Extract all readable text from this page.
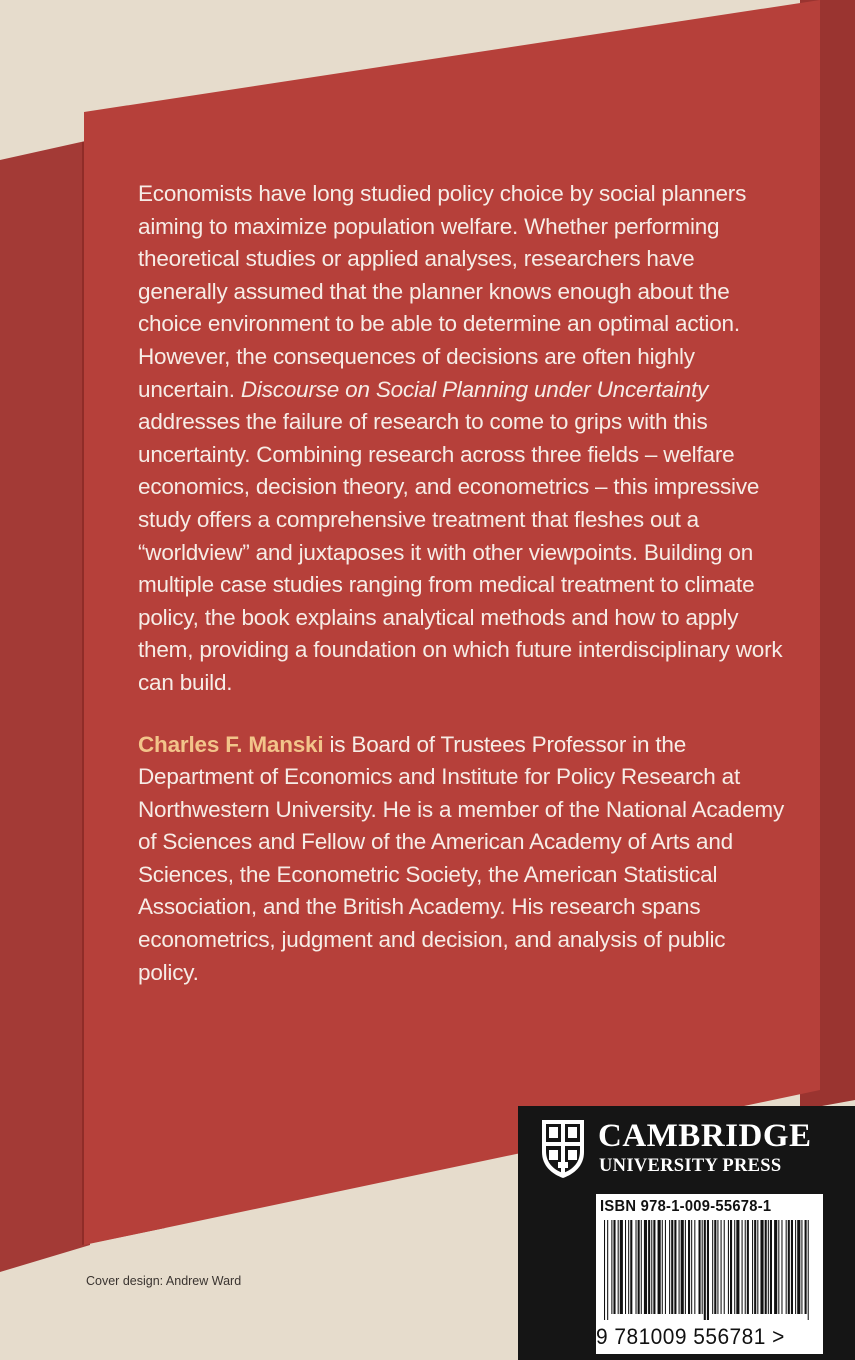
Economists have long studied policy choice by social planners aiming to maximize population welfare. Whether performing theoretical studies or applied analyses, researchers have generally assumed that the planner knows enough about the choice environment to be able to determine an optimal action. However, the consequences of decisions are often highly uncertain. Discourse on Social Planning under Uncertainty addresses the failure of research to come to grips with this uncertainty. Combining research across three fields – welfare economics, decision theory, and econometrics – this impressive study offers a comprehensive treatment that fleshes out a “worldview” and juxtaposes it with other viewpoints. Building on multiple case studies ranging from medical treatment to climate policy, the book explains analytical methods and how to apply them, providing a foundation on which future interdisciplinary work can build.

Charles F. Manski is Board of Trustees Professor in the Department of Economics and Institute for Policy Research at Northwestern University. He is a member of the National Academy of Sciences and Fellow of the American Academy of Arts and Sciences, the Econometric Society, the American Statistical Association, and the British Academy. His research spans econometrics, judgment and decision, and analysis of public policy.

Cover design: Andrew Ward
CAMBRIDGE
UNIVERSITY PRESS
ISBN 978-1-009-55678-1
9 781009 556781 >
